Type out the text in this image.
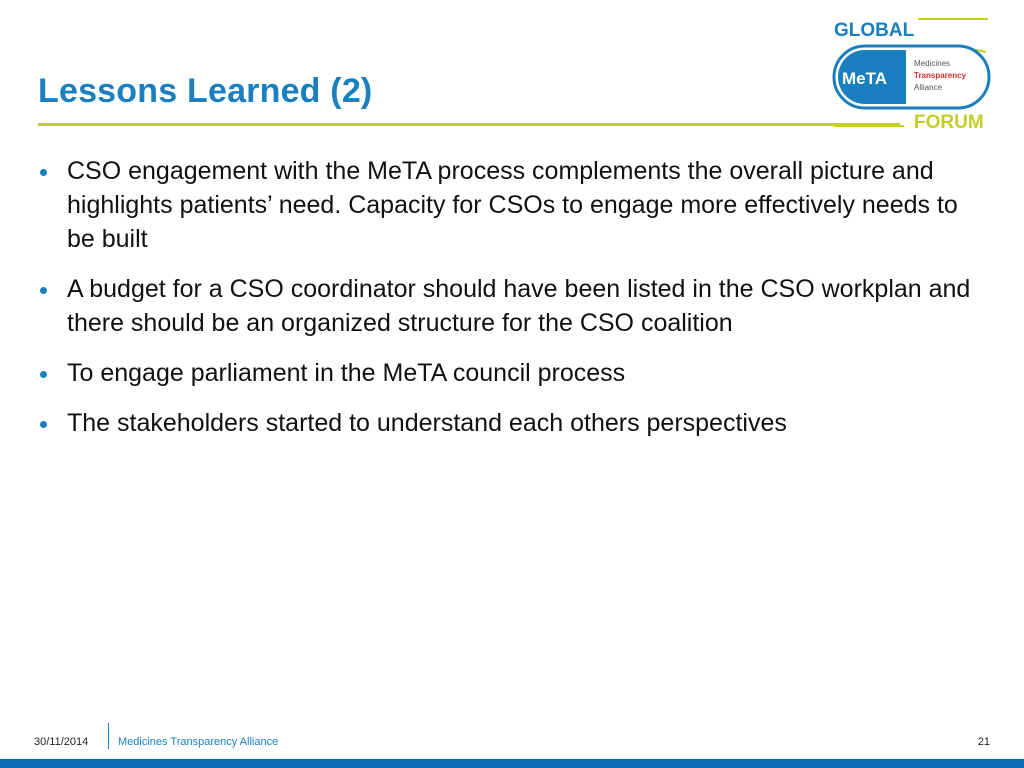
Lessons Learned (2)
GLOBAL
MeTA
Medicines
Transparency
Alliance
FORUM
CSO engagement with the MeTA process complements the overall picture and highlights patients’ need. Capacity for CSOs to engage more effectively needs to be built
A budget for a CSO coordinator should have been listed in the CSO workplan and there should be an organized structure for the CSO coalition
To engage parliament in the MeTA council process
The stakeholders started to understand each others perspectives
30/11/2014	Medicines Transparency Alliance	21
